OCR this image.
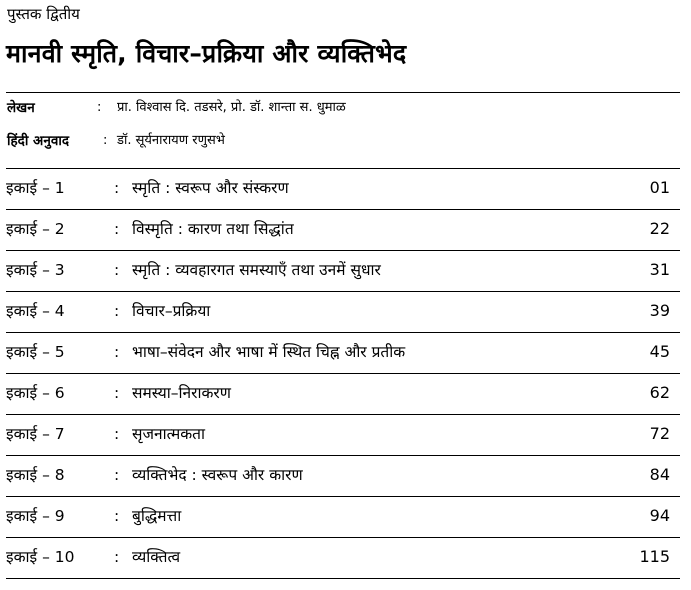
पुस्तक द्वितीय
मानवी स्मृति, विचार–प्रक्रिया और व्यक्तिभेद
लेखन	: प्रा. विश्वास दि. तडसरे, प्रो. डॉ. शान्ता स. धुमाळ
हिंदी अनुवाद	: डॉ. सूर्यनारायण रणुसभे
इकाई – 1	: स्मृति : स्वरूप और संस्करण	01
इकाई – 2	: विस्मृति : कारण तथा सिद्धांत	22
इकाई – 3	: स्मृति : व्यवहारगत समस्याएँ तथा उनमें सुधार	31
इकाई – 4	: विचार–प्रक्रिया	39
इकाई – 5	: भाषा–संवेदन और भाषा में स्थित चिह्न और प्रतीक	45
इकाई – 6	: समस्या–निराकरण	62
इकाई – 7	: सृजनात्मकता	72
इकाई – 8	: व्यक्तिभेद : स्वरूप और कारण	84
इकाई – 9	: बुद्धिमत्ता	94
इकाई – 10	: व्यक्तित्व	115
